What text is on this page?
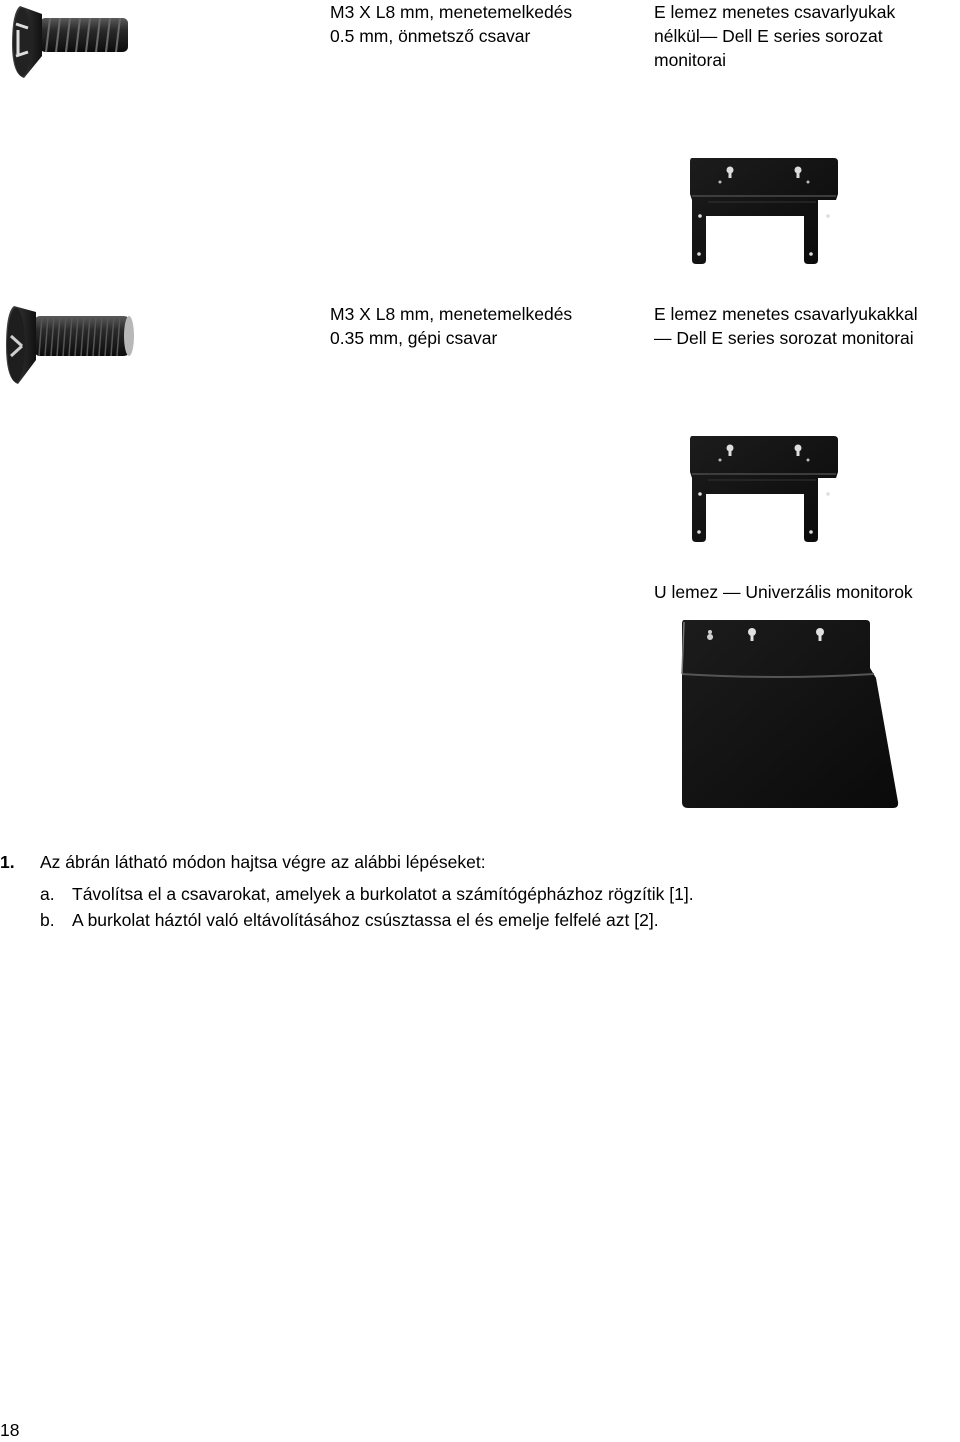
M3 X L8 mm, menetemelkedés
0.5 mm, önmetsző csavar
M3 X L8 mm, menetemelkedés
0.35 mm, gépi csavar
E lemez menetes csavarlyukak
nélkül— Dell E series sorozat
monitorai
E lemez menetes csavarlyukakkal
— Dell E series sorozat monitorai
U lemez — Univerzális monitorok
1. Az ábrán látható módon hajtsa végre az alábbi lépéseket:
a. Távolítsa el a csavarokat, amelyek a burkolatot a számítógépházhoz rögzítik [1].
b. A burkolat háztól való eltávolításához csúsztassa el és emelje felfelé azt [2].
18
